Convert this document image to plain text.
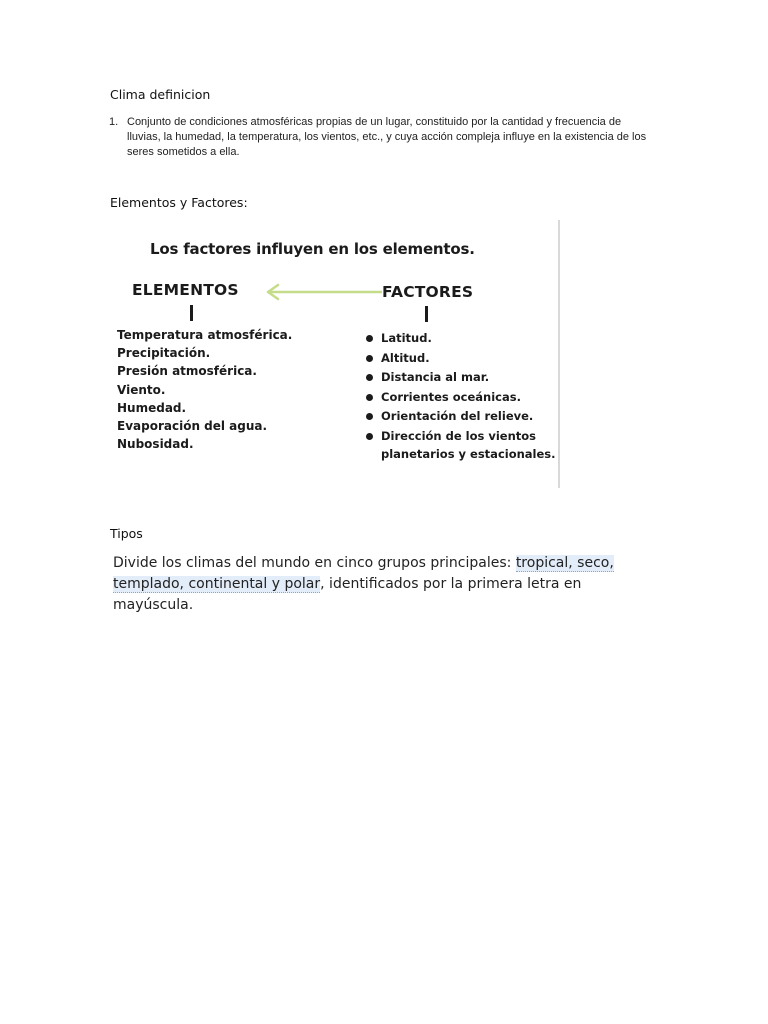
Clima definicion
1. Conjunto de condiciones atmosféricas propias de un lugar, constituido por la cantidad y frecuencia de lluvias, la humedad, la temperatura, los vientos, etc., y cuya acción compleja influye en la existencia de los seres sometidos a ella.
Elementos y Factores:
Los factores influyen en los elementos.
ELEMENTOS	FACTORES
Temperatura atmosférica.
Precipitación.
Presión atmosférica.
Viento.
Humedad.
Evaporación del agua.
Nubosidad.
Latitud.
Altitud.
Distancia al mar.
Corrientes oceánicas.
Orientación del relieve.
Dirección de los vientos planetarios y estacionales.
Tipos
Divide los climas del mundo en cinco grupos principales: tropical, seco, templado, continental y polar, identificados por la primera letra en mayúscula.
